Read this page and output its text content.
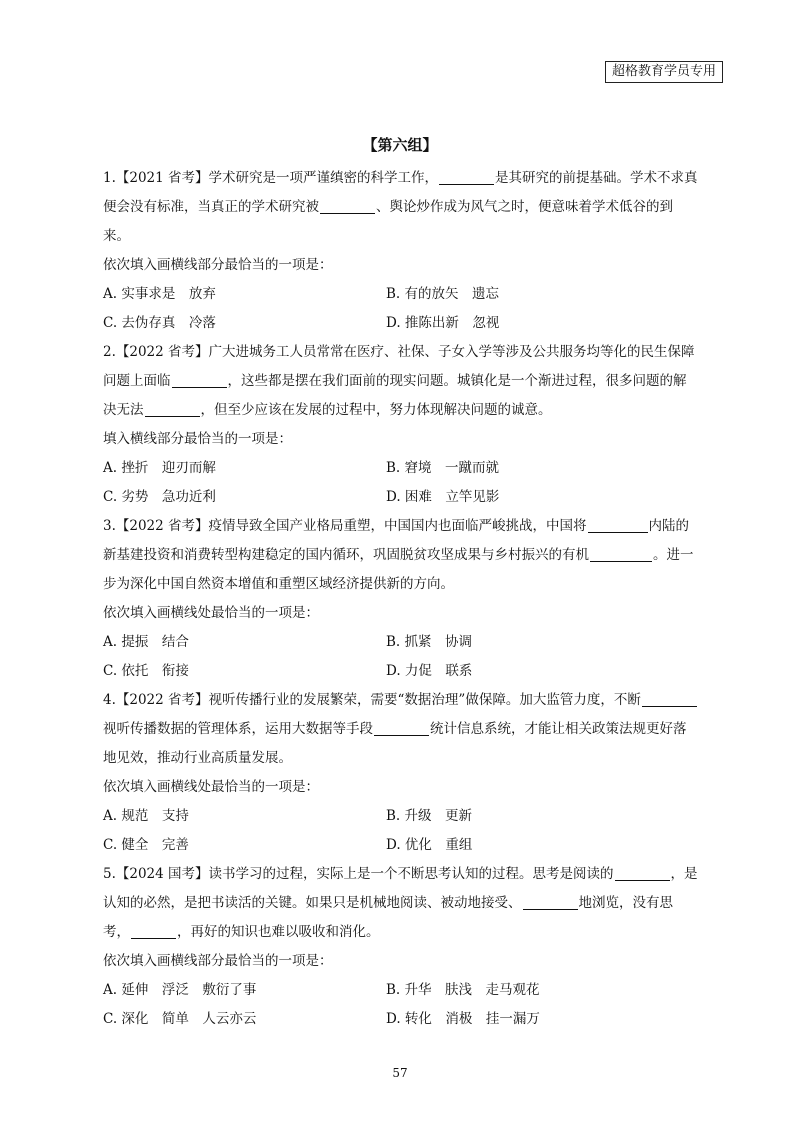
超格教育学员专用
【第六组】
1.【2021 省考】学术研究是一项严谨缜密的科学工作，	是其研究的前提基础。学术不求真便会没有标准，当真正的学术研究被	、舆论炒作成为风气之时，便意味着学术低谷的到来。
依次填入画横线部分最恰当的一项是：
A. 实事求是　放弃	B. 有的放矢　遗忘
C. 去伪存真　冷落	D. 推陈出新　忽视
2.【2022 省考】广大进城务工人员常常在医疗、社保、子女入学等涉及公共服务均等化的民生保障问题上面临	，这些都是摆在我们面前的现实问题。城镇化是一个渐进过程，很多问题的解决无法	，但至少应该在发展的过程中，努力体现解决问题的诚意。
填入横线部分最恰当的一项是：
A. 挫折　迎刃而解	B. 窘境　一蹴而就
C. 劣势　急功近利	D. 困难　立竿见影
3.【2022 省考】疫情导致全国产业格局重塑，中国国内也面临严峻挑战，中国将	内陆的新基建投资和消费转型构建稳定的国内循环，巩固脱贫攻坚成果与乡村振兴的有机	。进一步为深化中国自然资本增值和重塑区域经济提供新的方向。
依次填入画横线处最恰当的一项是：
A. 提振　结合	B. 抓紧　协调
C. 依托　衔接	D. 力促　联系
4.【2022 省考】视听传播行业的发展繁荣，需要“数据治理”做保障。加大监管力度，不断视听传播数据的管理体系，运用大数据等手段	统计信息系统，才能让相关政策法规更好落地见效，推动行业高质量发展。
依次填入画横线处最恰当的一项是：
A. 规范　支持	B. 升级　更新
C. 健全　完善	D. 优化　重组
5.【2024 国考】读书学习的过程，实际上是一个不断思考认知的过程。思考是阅读的	，是认知的必然，是把书读活的关键。如果只是机械地阅读、被动地接受、	地浏览，没有思考，	，再好的知识也难以吸收和消化。
依次填入画横线部分最恰当的一项是：
A. 延伸　浮泛　敷衍了事	B. 升华　肤浅　走马观花
C. 深化　简单　人云亦云	D. 转化　消极　挂一漏万
57
